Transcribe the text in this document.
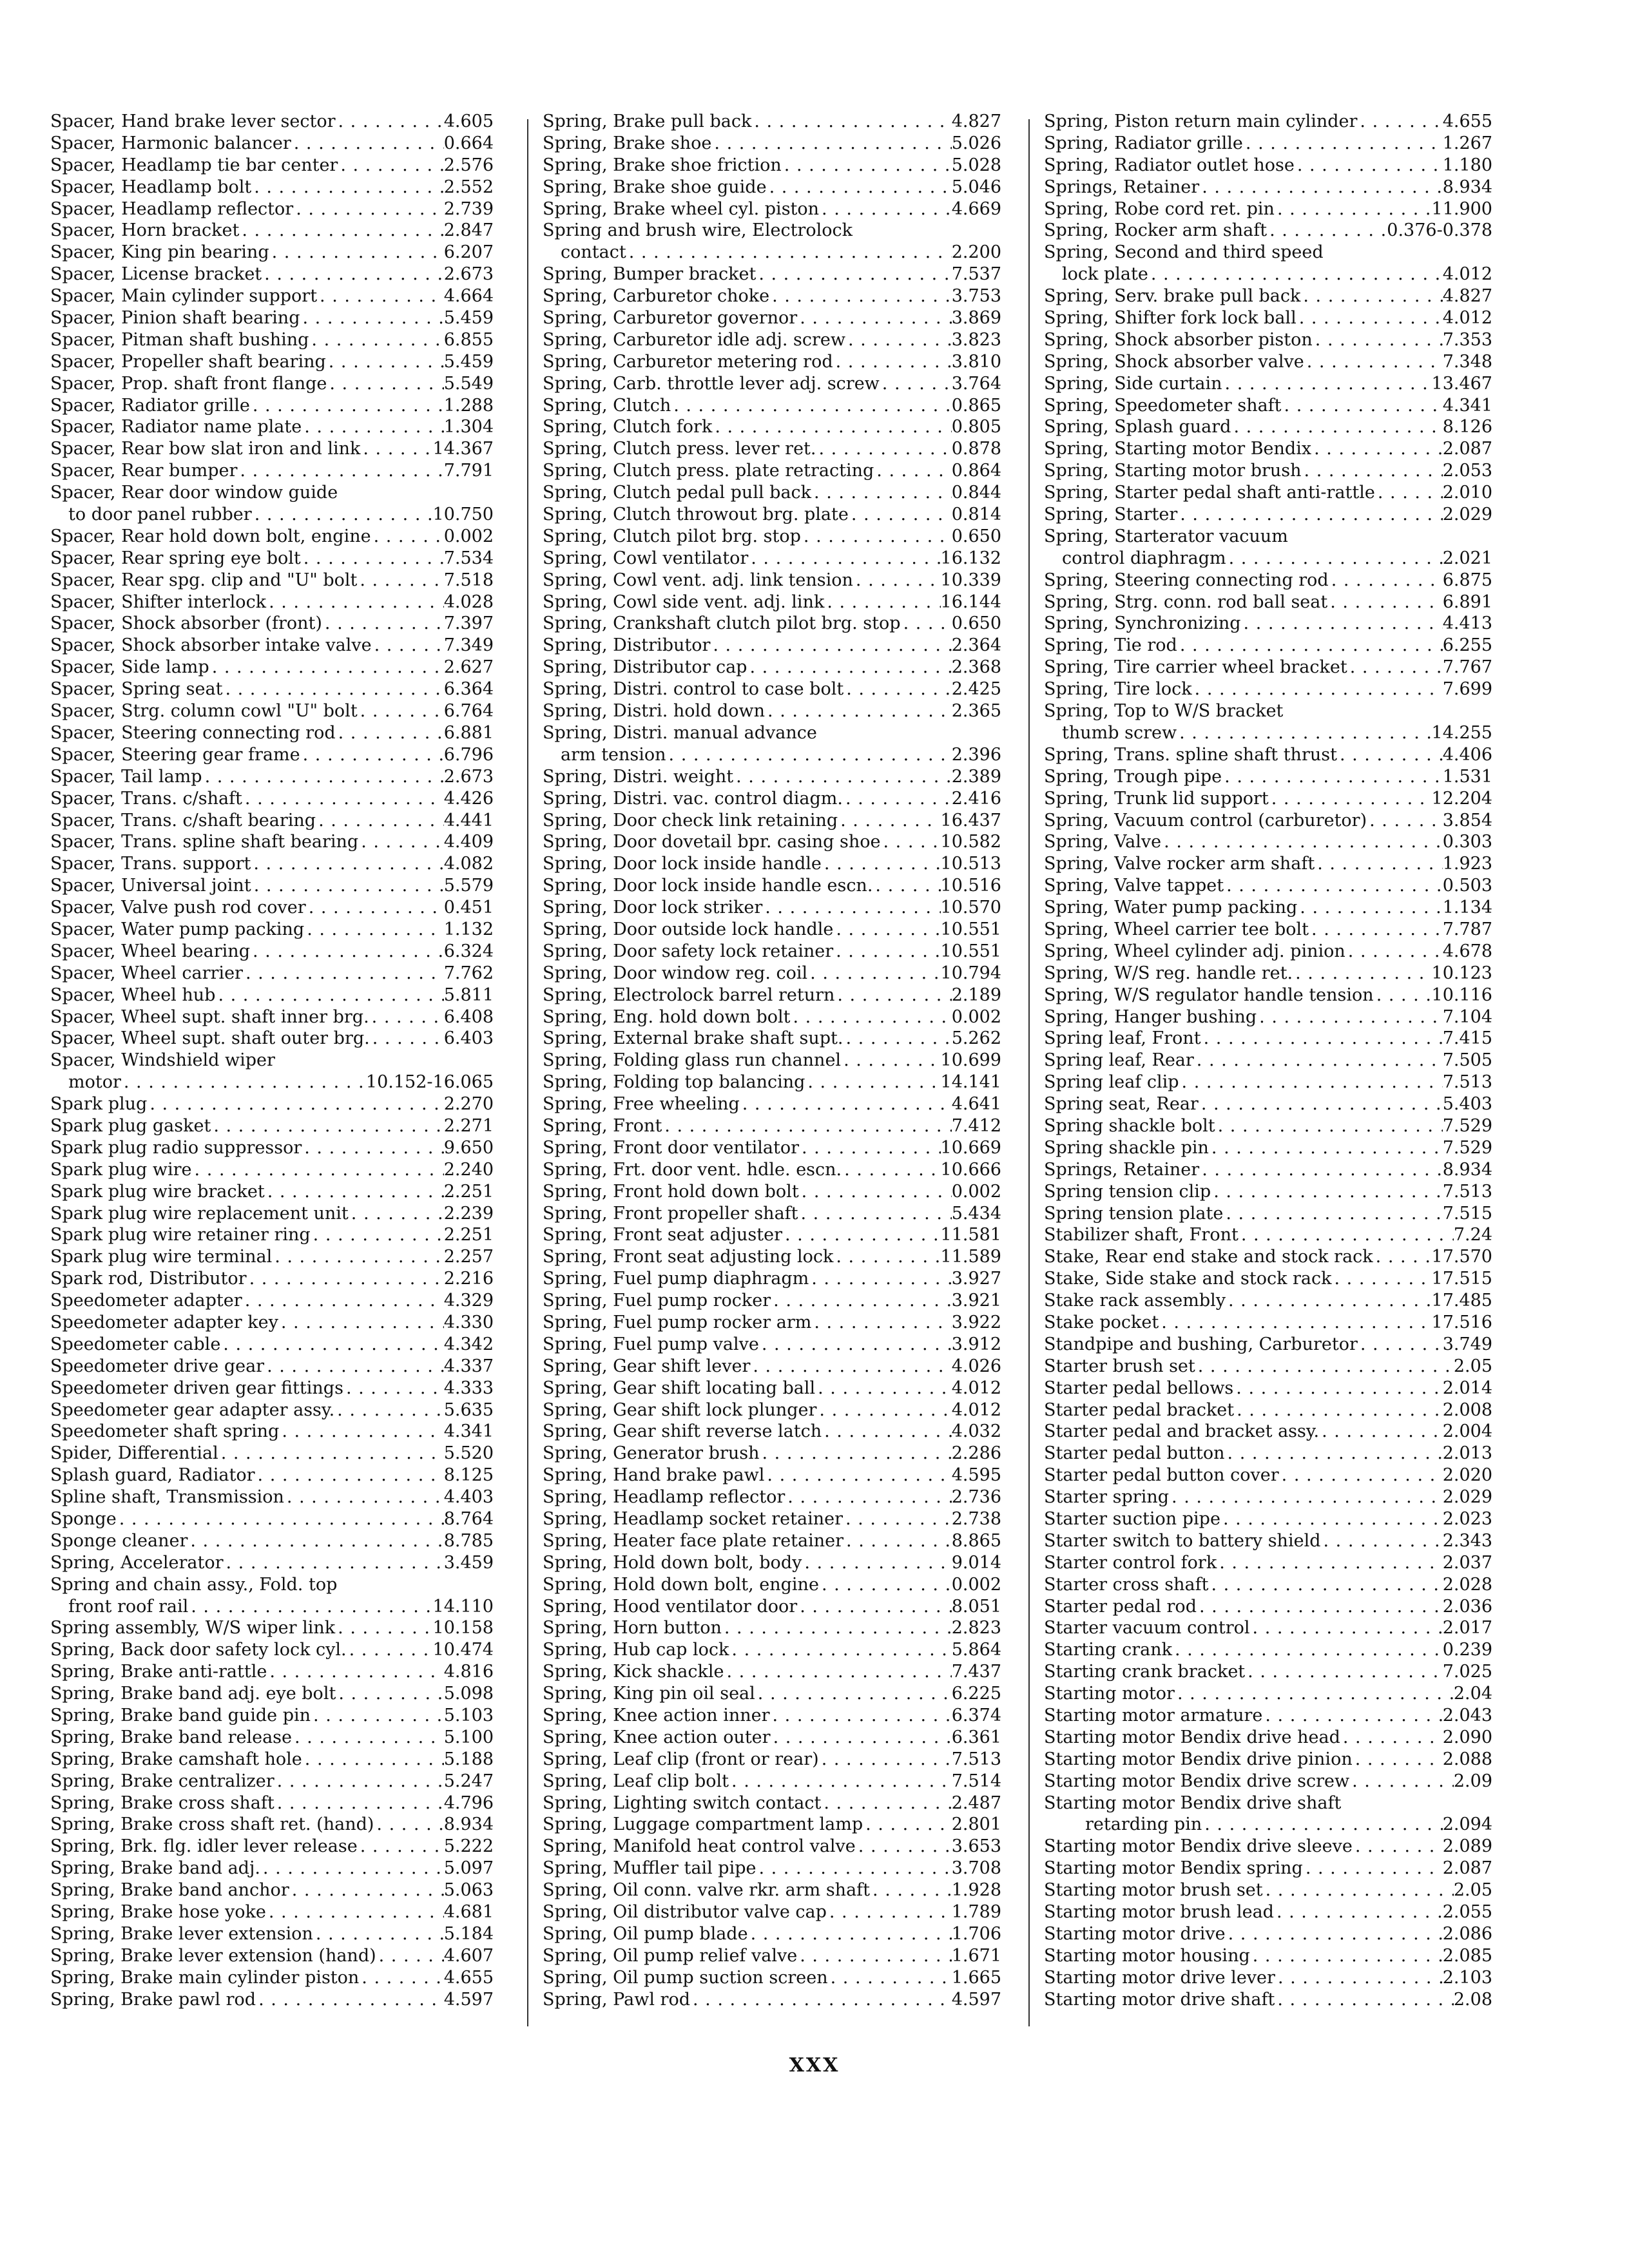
Spacer, Hand brake lever sector . . .	4.605
Spacer, Harmonic balancer . . .	0.664
Spacer, Headlamp tie bar center . . .	2.576
Spacer, Headlamp bolt . . .	2.552
Spacer, Headlamp reflector . . .	2.739
Spacer, Horn bracket . . .	2.847
Spacer, King pin bearing . . .	6.207
Spacer, License bracket . . .	2.673
Spacer, Main cylinder support . . .	4.664
Spacer, Pinion shaft bearing . . .	5.459
Spacer, Pitman shaft bushing . . .	6.855
Spacer, Propeller shaft bearing . . .	5.459
Spacer, Prop. shaft front flange . . .	5.549
Spacer, Radiator grille . . .	1.288
Spacer, Radiator name plate . . .	1.304
Spacer, Rear bow slat iron and link . . .	14.367
Spacer, Rear bumper . . .	7.791
Spacer, Rear door window guide
to door panel rubber . . .	10.750
Spacer, Rear hold down bolt, engine . . .	0.002
Spacer, Rear spring eye bolt . . .	7.534
Spacer, Rear spg. clip and "U" bolt . . .	7.518
Spacer, Shifter interlock . . .	4.028
Spacer, Shock absorber (front) . . .	7.397
Spacer, Shock absorber intake valve . . .	7.349
Spacer, Side lamp . . .	2.627
Spacer, Spring seat . . .	6.364
Spacer, Strg. column cowl "U" bolt . . .	6.764
Spacer, Steering connecting rod . . .	6.881
Spacer, Steering gear frame . . .	6.796
Spacer, Tail lamp . . .	2.673
Spacer, Trans. c/shaft . . .	4.426
Spacer, Trans. c/shaft bearing . . .	4.441
Spacer, Trans. spline shaft bearing . . .	4.409
Spacer, Trans. support . . .	4.082
Spacer, Universal joint . . .	5.579
Spacer, Valve push rod cover . . .	0.451
Spacer, Water pump packing . . .	1.132
Spacer, Wheel bearing . . .	6.324
Spacer, Wheel carrier . . .	7.762
Spacer, Wheel hub . . .	5.811
Spacer, Wheel supt. shaft inner brg. . . .	6.408
Spacer, Wheel supt. shaft outer brg. . . .	6.403
Spacer, Windshield wiper
motor . . .	10.152-16.065
Spark plug . . .	2.270
Spark plug gasket . . .	2.271
Spark plug radio suppressor . . .	9.650
Spark plug wire . . .	2.240
Spark plug wire bracket . . .	2.251
Spark plug wire replacement unit . . .	2.239
Spark plug wire retainer ring . . .	2.251
Spark plug wire terminal . . .	2.257
Spark rod, Distributor . . .	2.216
Speedometer adapter . . .	4.329
Speedometer adapter key . . .	4.330
Speedometer cable . . .	4.342
Speedometer drive gear . . .	4.337
Speedometer driven gear fittings . . .	4.333
Speedometer gear adapter assy. . . .	5.635
Speedometer shaft spring . . .	4.341
Spider, Differential . . .	5.520
Splash guard, Radiator . . .	8.125
Spline shaft, Transmission . . .	4.403
Sponge . . .	8.764
Sponge cleaner . . .	8.785
Spring, Accelerator . . .	3.459
Spring and chain assy., Fold. top
front roof rail . . .	14.110
Spring assembly, W/S wiper link . . .	10.158
Spring, Back door safety lock cyl. . . .	10.474
Spring, Brake anti-rattle . . .	4.816
Spring, Brake band adj. eye bolt . . .	5.098
Spring, Brake band guide pin . . .	5.103
Spring, Brake band release . . .	5.100
Spring, Brake camshaft hole . . .	5.188
Spring, Brake centralizer . . .	5.247
Spring, Brake cross shaft . . .	4.796
Spring, Brake cross shaft ret. (hand) . . .	8.934
Spring, Brk. flg. idler lever release . . .	5.222
Spring, Brake band adj. . . .	5.097
Spring, Brake band anchor . . .	5.063
Spring, Brake hose yoke . . .	4.681
Spring, Brake lever extension . . .	5.184
Spring, Brake lever extension (hand) . . .	4.607
Spring, Brake main cylinder piston . . .	4.655
Spring, Brake pawl rod . . .	4.597
Spring, Brake pull back . . .	4.827
Spring, Brake shoe . . .	5.026
Spring, Brake shoe friction . . .	5.028
Spring, Brake shoe guide . . .	5.046
Spring, Brake wheel cyl. piston . . .	4.669
Spring and brush wire, Electrolock
contact . . .	2.200
Spring, Bumper bracket . . .	7.537
Spring, Carburetor choke . . .	3.753
Spring, Carburetor governor . . .	3.869
Spring, Carburetor idle adj. screw . . .	3.823
Spring, Carburetor metering rod . . .	3.810
Spring, Carb. throttle lever adj. screw . . .	3.764
Spring, Clutch . . .	0.865
Spring, Clutch fork . . .	0.805
Spring, Clutch press. lever ret. . . .	0.878
Spring, Clutch press. plate retracting . . .	0.864
Spring, Clutch pedal pull back . . .	0.844
Spring, Clutch throwout brg. plate . . .	0.814
Spring, Clutch pilot brg. stop . . .	0.650
Spring, Cowl ventilator . . .	16.132
Spring, Cowl vent. adj. link tension . . .	10.339
Spring, Cowl side vent. adj. link . . .	16.144
Spring, Crankshaft clutch pilot brg. stop . . .	0.650
Spring, Distributor . . .	2.364
Spring, Distributor cap . . .	2.368
Spring, Distri. control to case bolt . . .	2.425
Spring, Distri. hold down . . .	2.365
Spring, Distri. manual advance
arm tension . . .	2.396
Spring, Distri. weight . . .	2.389
Spring, Distri. vac. control diagm. . . .	2.416
Spring, Door check link retaining . . .	16.437
Spring, Door dovetail bpr. casing shoe . . .	10.582
Spring, Door lock inside handle . . .	10.513
Spring, Door lock inside handle escn. . . .	10.516
Spring, Door lock striker . . .	10.570
Spring, Door outside lock handle . . .	10.551
Spring, Door safety lock retainer . . .	10.551
Spring, Door window reg. coil . . .	10.794
Spring, Electrolock barrel return . . .	2.189
Spring, Eng. hold down bolt . . .	0.002
Spring, External brake shaft supt. . . .	5.262
Spring, Folding glass run channel . . .	10.699
Spring, Folding top balancing . . .	14.141
Spring, Free wheeling . . .	4.641
Spring, Front . . .	7.412
Spring, Front door ventilator . . .	10.669
Spring, Frt. door vent. hdle. escn. . . .	10.666
Spring, Front hold down bolt . . .	0.002
Spring, Front propeller shaft . . .	5.434
Spring, Front seat adjuster . . .	11.581
Spring, Front seat adjusting lock . . .	11.589
Spring, Fuel pump diaphragm . . .	3.927
Spring, Fuel pump rocker . . .	3.921
Spring, Fuel pump rocker arm . . .	3.922
Spring, Fuel pump valve . . .	3.912
Spring, Gear shift lever . . .	4.026
Spring, Gear shift locating ball . . .	4.012
Spring, Gear shift lock plunger . . .	4.012
Spring, Gear shift reverse latch . . .	4.032
Spring, Generator brush . . .	2.286
Spring, Hand brake pawl . . .	4.595
Spring, Headlamp reflector . . .	2.736
Spring, Headlamp socket retainer . . .	2.738
Spring, Heater face plate retainer . . .	8.865
Spring, Hold down bolt, body . . .	9.014
Spring, Hold down bolt, engine . . .	0.002
Spring, Hood ventilator door . . .	8.051
Spring, Horn button . . .	2.823
Spring, Hub cap lock . . .	5.864
Spring, Kick shackle . . .	7.437
Spring, King pin oil seal . . .	6.225
Spring, Knee action inner . . .	6.374
Spring, Knee action outer . . .	6.361
Spring, Leaf clip (front or rear) . . .	7.513
Spring, Leaf clip bolt . . .	7.514
Spring, Lighting switch contact . . .	2.487
Spring, Luggage compartment lamp . . .	2.801
Spring, Manifold heat control valve . . .	3.653
Spring, Muffler tail pipe . . .	3.708
Spring, Oil conn. valve rkr. arm shaft . . .	1.928
Spring, Oil distributor valve cap . . .	1.789
Spring, Oil pump blade . . .	1.706
Spring, Oil pump relief valve . . .	1.671
Spring, Oil pump suction screen . . .	1.665
Spring, Pawl rod . . .	4.597
Spring, Piston return main cylinder . . .	4.655
Spring, Radiator grille . . .	1.267
Spring, Radiator outlet hose . . .	1.180
Springs, Retainer . . .	8.934
Spring, Robe cord ret. pin . . .	11.900
Spring, Rocker arm shaft . . .	0.376-0.378
Spring, Second and third speed
lock plate . . .	4.012
Spring, Serv. brake pull back . . .	4.827
Spring, Shifter fork lock ball . . .	4.012
Spring, Shock absorber piston . . .	7.353
Spring, Shock absorber valve . . .	7.348
Spring, Side curtain . . .	13.467
Spring, Speedometer shaft . . .	4.341
Spring, Splash guard . . .	8.126
Spring, Starting motor Bendix . . .	2.087
Spring, Starting motor brush . . .	2.053
Spring, Starter pedal shaft anti-rattle . . .	2.010
Spring, Starter . . .	2.029
Spring, Starterator vacuum
control diaphragm . . .	2.021
Spring, Steering connecting rod . . .	6.875
Spring, Strg. conn. rod ball seat . . .	6.891
Spring, Synchronizing . . .	4.413
Spring, Tie rod . . .	6.255
Spring, Tire carrier wheel bracket . . .	7.767
Spring, Tire lock . . .	7.699
Spring, Top to W/S bracket
thumb screw . . .	14.255
Spring, Trans. spline shaft thrust . . .	4.406
Spring, Trough pipe . . .	1.531
Spring, Trunk lid support . . .	12.204
Spring, Vacuum control (carburetor) . . .	3.854
Spring, Valve . . .	0.303
Spring, Valve rocker arm shaft . . .	1.923
Spring, Valve tappet . . .	0.503
Spring, Water pump packing . . .	1.134
Spring, Wheel carrier tee bolt . . .	7.787
Spring, Wheel cylinder adj. pinion . . .	4.678
Spring, W/S reg. handle ret. . . .	10.123
Spring, W/S regulator handle tension . . .	10.116
Spring, Hanger bushing . . .	7.104
Spring leaf, Front . . .	7.415
Spring leaf, Rear . . .	7.505
Spring leaf clip . . .	7.513
Spring seat, Rear . . .	5.403
Spring shackle bolt . . .	7.529
Spring shackle pin . . .	7.529
Springs, Retainer . . .	8.934
Spring tension clip . . .	7.513
Spring tension plate . . .	7.515
Stabilizer shaft, Front . . .	7.24
Stake, Rear end stake and stock rack . . .	17.570
Stake, Side stake and stock rack . . .	17.515
Stake rack assembly . . .	17.485
Stake pocket . . .	17.516
Standpipe and bushing, Carburetor . . .	3.749
Starter brush set . . .	2.05
Starter pedal bellows . . .	2.014
Starter pedal bracket . . .	2.008
Starter pedal and bracket assy. . . .	2.004
Starter pedal button . . .	2.013
Starter pedal button cover . . .	2.020
Starter spring . . .	2.029
Starter suction pipe . . .	2.023
Starter switch to battery shield . . .	2.343
Starter control fork . . .	2.037
Starter cross shaft . . .	2.028
Starter pedal rod . . .	2.036
Starter vacuum control . . .	2.017
Starting crank . . .	0.239
Starting crank bracket . . .	7.025
Starting motor . . .	2.04
Starting motor armature . . .	2.043
Starting motor Bendix drive head . . .	2.090
Starting motor Bendix drive pinion . . .	2.088
Starting motor Bendix drive screw . . .	2.09
Starting motor Bendix drive shaft
retarding pin . . .	2.094
Starting motor Bendix drive sleeve . . .	2.089
Starting motor Bendix spring . . .	2.087
Starting motor brush set . . .	2.05
Starting motor brush lead . . .	2.055
Starting motor drive . . .	2.086
Starting motor housing . . .	2.085
Starting motor drive lever . . .	2.103
Starting motor drive shaft . . .	2.08
XXX
